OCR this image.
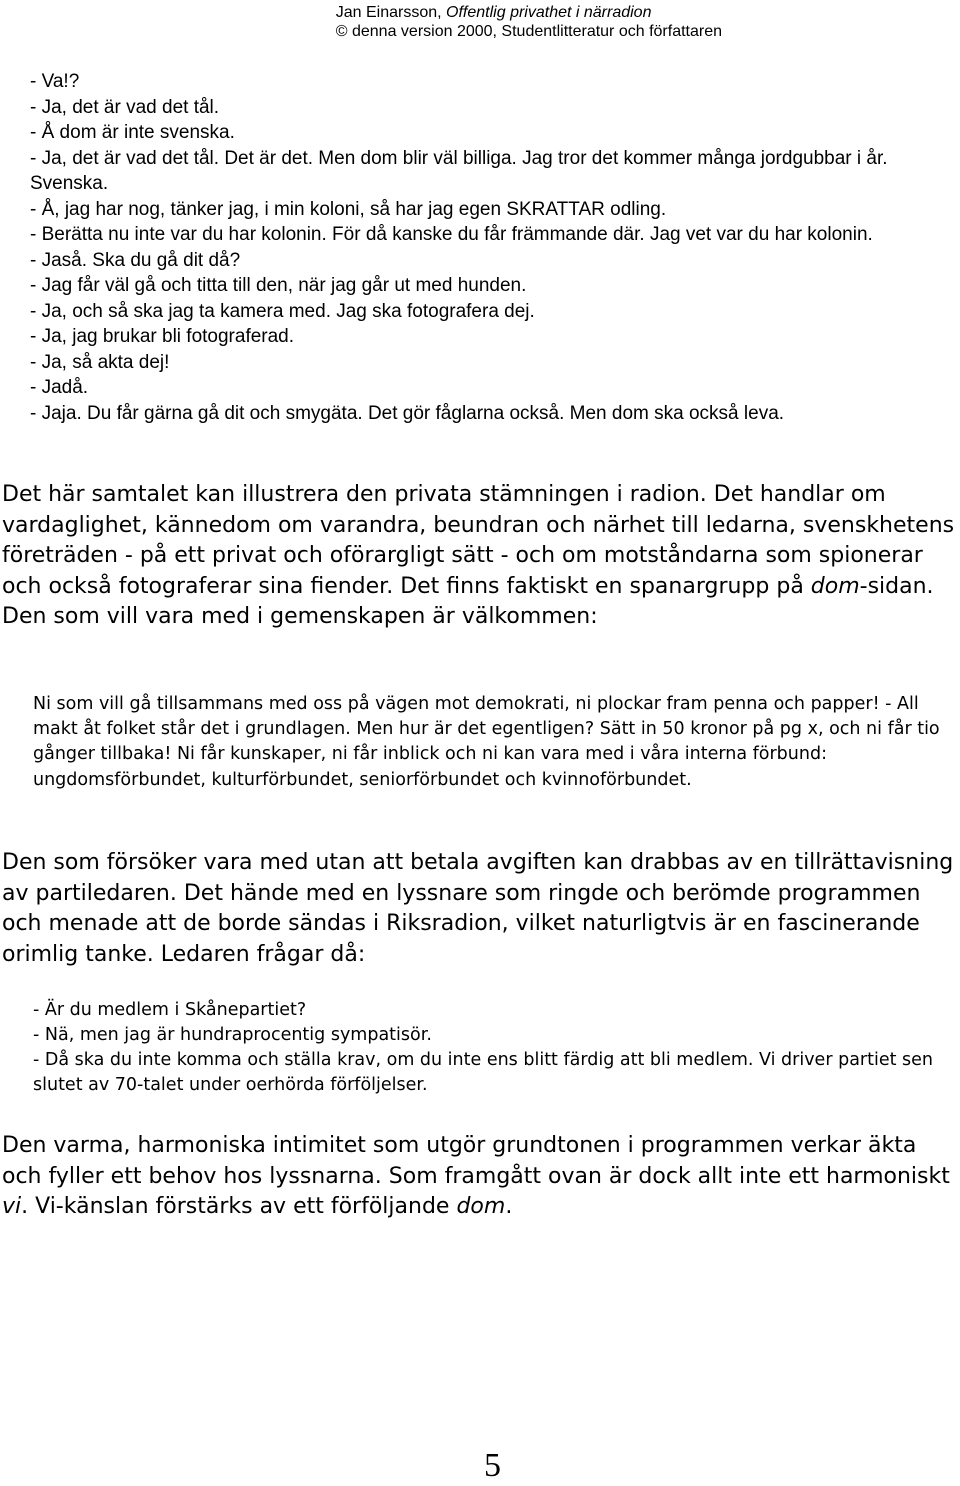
Jan Einarsson, Offentlig privathet i närradion
© denna version 2000, Studentlitteratur och författaren
- Va!?
- Ja, det är vad det tål.
- Å dom är inte svenska.
- Ja, det är vad det tål. Det är det. Men dom blir väl billiga. Jag tror det kommer många jordgubbar i år. Svenska.
- Å, jag har nog, tänker jag, i min koloni, så har jag egen SKRATTAR odling.
- Berätta nu inte var du har kolonin. För då kanske du får främmande där. Jag vet var du har kolonin.
- Jaså. Ska du gå dit då?
- Jag får väl gå och titta till den, när jag går ut med hunden.
- Ja, och så ska jag ta kamera med. Jag ska fotografera dej.
- Ja, jag brukar bli fotograferad.
- Ja, så akta dej!
- Jadå.
- Jaja. Du får gärna gå dit och smygäta. Det gör fåglarna också. Men dom ska också leva.
Det här samtalet kan illustrera den privata stämningen i radion. Det handlar om vardaglighet, kännedom om varandra, beundran och närhet till ledarna, svenskhetens företräden - på ett privat och oförargligt sätt - och om motståndarna som spionerar och också fotograferar sina fiender. Det finns faktiskt en spanargrupp på dom-sidan. Den som vill vara med i gemenskapen är välkommen:
Ni som vill gå tillsammans med oss på vägen mot demokrati, ni plockar fram penna och papper! - All makt åt folket står det i grundlagen. Men hur är det egentligen? Sätt in 50 kronor på pg x, och ni får tio gånger tillbaka! Ni får kunskaper, ni får inblick och ni kan vara med i våra interna förbund: ungdomsförbundet, kulturförbundet, seniorförbundet och kvinnoförbundet.
Den som försöker vara med utan att betala avgiften kan drabbas av en tillrättavisning av partiledaren. Det hände med en lyssnare som ringde och berömde programmen och menade att de borde sändas i Riksradion, vilket naturligtvis är en fascinerande orimlig tanke. Ledaren frågar då:
- Är du medlem i Skånepartiet?
- Nä, men jag är hundraprocentig sympatisör.
- Då ska du inte komma och ställa krav, om du inte ens blitt färdig att bli medlem. Vi driver partiet sen slutet av 70-talet under oerhörda förföljelser.
Den varma, harmoniska intimitet som utgör grundtonen i programmen verkar äkta och fyller ett behov hos lyssnarna. Som framgått ovan är dock allt inte ett harmoniskt vi. Vi-känslan förstärks av ett förföljande dom.
5
